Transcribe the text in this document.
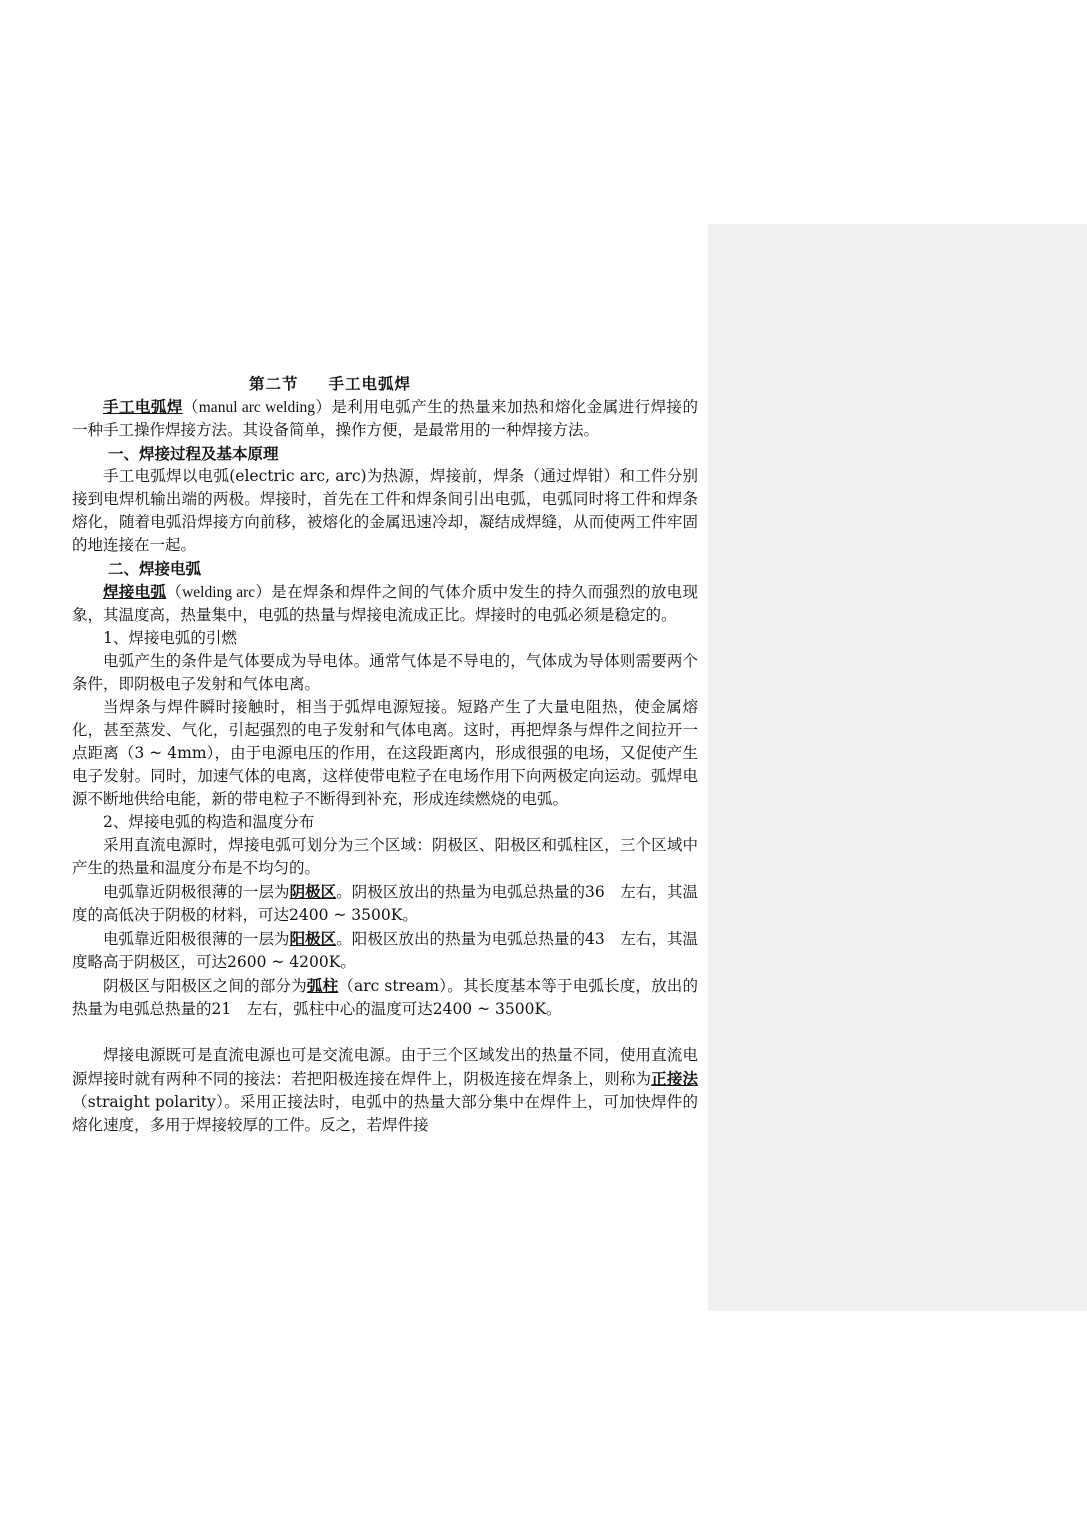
第二节 手工电弧焊

手工电弧焊（manul arc welding）是利用电弧产生的热量来加热和熔化金属进行焊接的一种手工操作焊接方法。其设备简单，操作方便，是最常用的一种焊接方法。

一、焊接过程及基本原理

手工电弧焊以电弧(electric arc, arc)为热源，焊接前，焊条（通过焊钳）和工件分别接到电焊机输出端的两极。焊接时，首先在工件和焊条间引出电弧，电弧同时将工件和焊条熔化，随着电弧沿焊接方向前移，被熔化的金属迅速冷却，凝结成焊缝，从而使两工件牢固的地连接在一起。

二、焊接电弧

焊接电弧（welding arc）是在焊条和焊件之间的气体介质中发生的持久而强烈的放电现象，其温度高，热量集中，电弧的热量与焊接电流成正比。焊接时的电弧必须是稳定的。

1、焊接电弧的引燃

电弧产生的条件是气体要成为导电体。通常气体是不导电的，气体成为导体则需要两个条件，即阴极电子发射和气体电离。

当焊条与焊件瞬时接触时，相当于弧焊电源短接。短路产生了大量电阻热，使金属熔化，甚至蒸发、气化，引起强烈的电子发射和气体电离。这时，再把焊条与焊件之间拉开一点距离（3 ~ 4mm），由于电源电压的作用，在这段距离内，形成很强的电场，又促使产生电子发射。同时，加速气体的电离，这样使带电粒子在电场作用下向两极定向运动。弧焊电源不断地供给电能，新的带电粒子不断得到补充，形成连续燃烧的电弧。

2、焊接电弧的构造和温度分布

采用直流电源时，焊接电弧可划分为三个区域：阴极区、阳极区和弧柱区，三个区域中产生的热量和温度分布是不均匀的。

电弧靠近阴极很薄的一层为阴极区。阴极区放出的热量为电弧总热量的36　左右，其温度的高低决于阴极的材料，可达2400 ~ 3500K。

电弧靠近阳极很薄的一层为阳极区。阳极区放出的热量为电弧总热量的43　左右，其温度略高于阴极区，可达2600 ~ 4200K。

阴极区与阳极区之间的部分为弧柱（arc stream）。其长度基本等于电弧长度，放出的热量为电弧总热量的21　左右，弧柱中心的温度可达2400 ~ 3500K。

焊接电源既可是直流电源也可是交流电源。由于三个区域发出的热量不同，使用直流电源焊接时就有两种不同的接法：若把阳极连接在焊件上，阴极连接在焊条上，则称为正接法（straight polarity）。采用正接法时，电弧中的热量大部分集中在焊件上，可加快焊件的熔化速度，多用于焊接较厚的工件。反之，若焊件接
